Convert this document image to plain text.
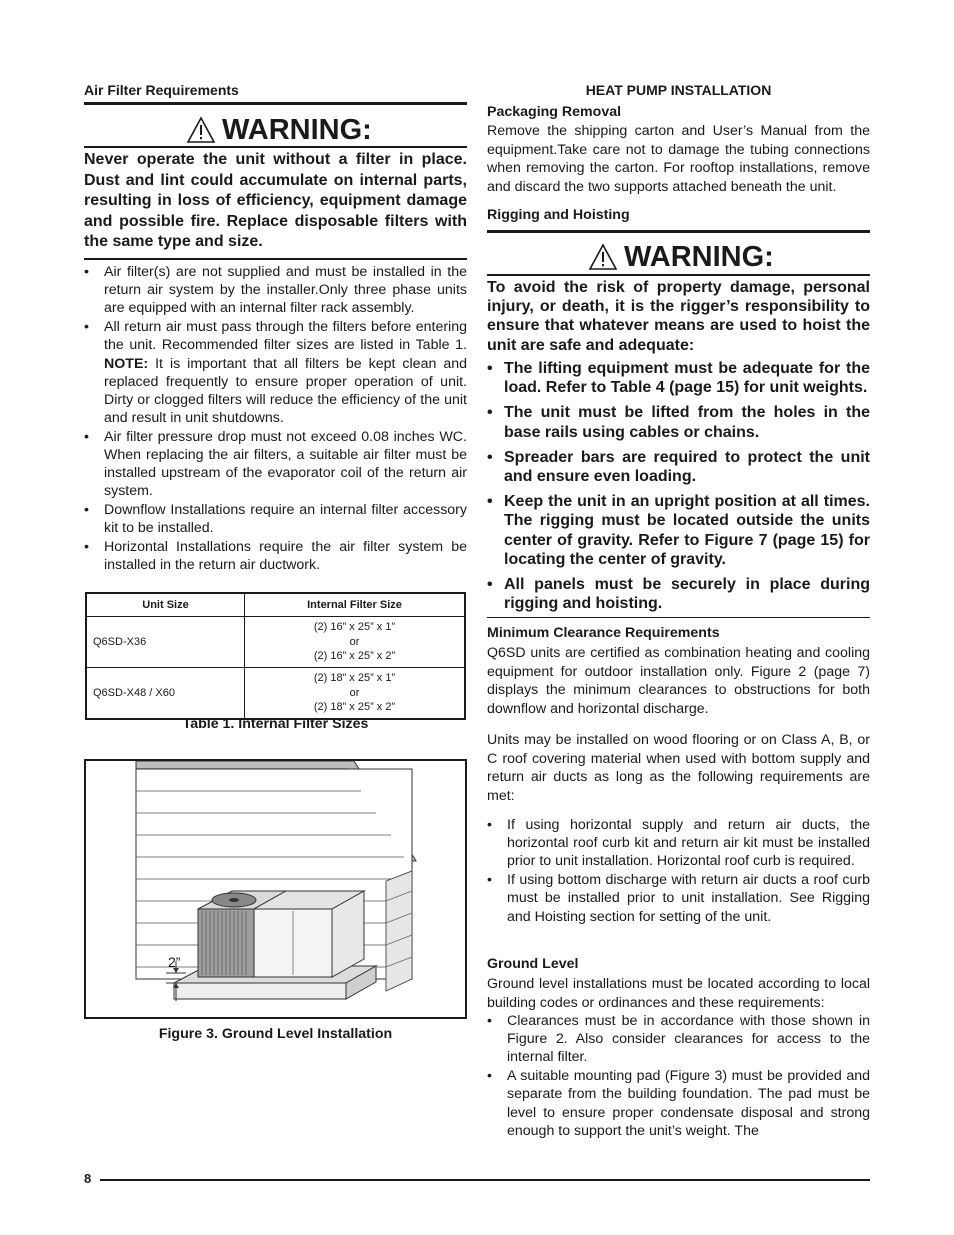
Air Filter Requirements
WARNING:
Never operate the unit without a filter in place. Dust and lint could accumulate on internal parts, resulting in loss of efficiency, equipment damage and possible fire. Replace disposable filters with the same type and size.
• Air filter(s) are not supplied and must be installed in the return air system by the installer.Only three phase units are equipped with an internal filter rack assembly.
• All return air must pass through the filters before entering the unit. Recommended filter sizes are listed in Table 1. NOTE: It is important that all filters be kept clean and replaced frequently to ensure proper operation of unit. Dirty or clogged filters will reduce the efficiency of the unit and result in unit shutdowns.
• Air filter pressure drop must not exceed 0.08 inches WC. When replacing the air filters, a suitable air filter must be installed upstream of the evaporator coil of the return air system.
• Downflow Installations require an internal filter accessory kit to be installed.
• Horizontal Installations require the air filter system be installed in the return air ductwork.
Unit Size	Internal Filter Size
Q6SD-X36	(2) 16” x 25” x 1”
or
(2) 16” x 25” x 2”

Q6SD-X48 / X60	(2) 18” x 25” x 1”
or
(2) 18” x 25” x 2”
Table 1. Internal Filter Sizes
2”
Figure 3. Ground Level Installation
HEAT PUMP INSTALLATION
Packaging Removal
Remove the shipping carton and User’s Manual from the equipment.Take care not to damage the tubing connections when removing the carton. For rooftop installations, remove and discard the two supports attached beneath the unit.
Rigging and Hoisting
WARNING:
To avoid the risk of property damage, personal injury, or death, it is the rigger’s responsibility to ensure that whatever means are used to hoist the unit are safe and adequate:
• The lifting equipment must be adequate for the load. Refer to Table 4 (page 15) for unit weights.
• The unit must be lifted from the holes in the base rails using cables or chains.
• Spreader bars are required to protect the unit and ensure even loading.
• Keep the unit in an upright position at all times. The rigging must be located outside the units center of gravity. Refer to Figure 7 (page 15) for locating the center of gravity.
• All panels must be securely in place during rigging and hoisting.
Minimum Clearance Requirements
Q6SD units are certified as combination heating and cooling equipment for outdoor installation only. Figure 2 (page 7) displays the minimum clearances to obstructions for both downflow and horizontal discharge.
Units may be installed on wood flooring or on Class A, B, or C roof covering material when used with bottom supply and return air ducts as long as the following requirements are met:
• If using horizontal supply and return air ducts, the horizontal roof curb kit and return air kit must be installed prior to unit installation. Horizontal roof curb is required.
• If using bottom discharge with return air ducts a roof curb must be installed prior to unit installation. See Rigging and Hoisting section for setting of the unit.
Ground Level
Ground level installations must be located according to local building codes or ordinances and these requirements:
• Clearances must be in accordance with those shown in Figure 2. Also consider clearances for access to the internal filter.
• A suitable mounting pad (Figure 3) must be provided and separate from the building foundation. The pad must be level to ensure proper condensate disposal and strong enough to support the unit’s weight. The
8
